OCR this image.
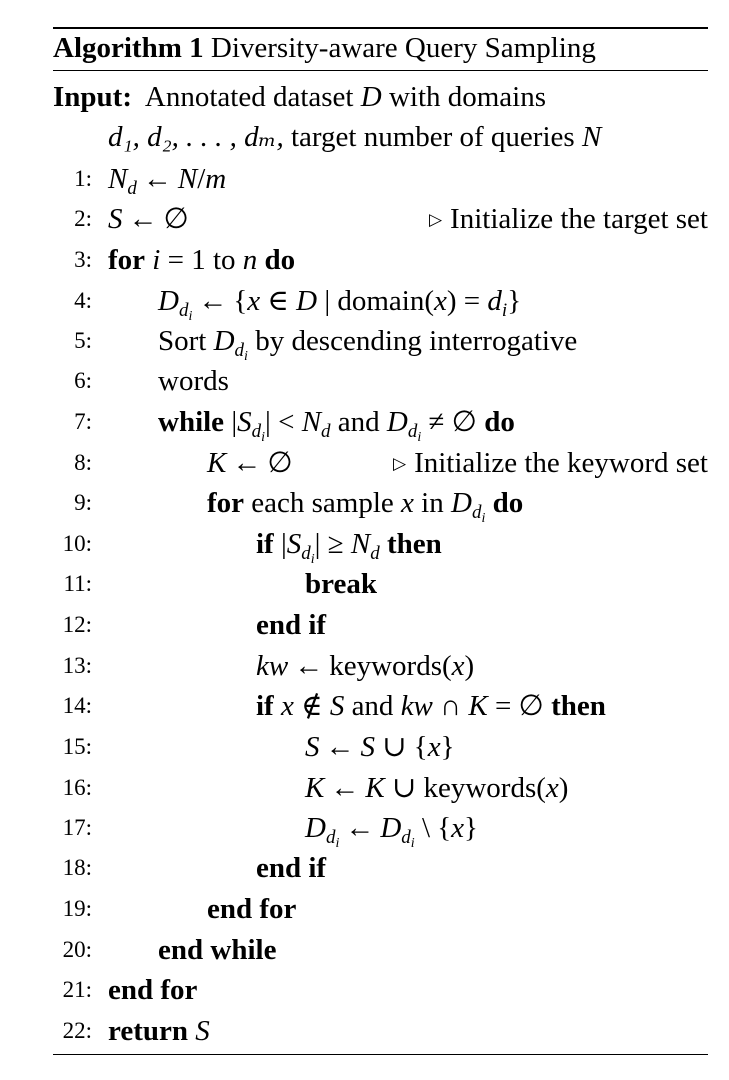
Algorithm 1 Diversity-aware Query Sampling
Input: Annotated dataset D with domains
d₁, d₂, . . . , dₘ, target number of queries N
1: $N_d$ ← N/m
2: S ← ∅	▷ Initialize the target set
3: for i = 1 to n do
4: $D_{d_i}$ ← {x ∈ D | domain(x) = $d_i$}
5: Sort $D_{d_i}$ by descending interrogative
6: words
7: while $|S_{d_i}| < N_d$ and $D_{d_i}$ ≠ ∅ do
8:	K ← ∅	▷ Initialize the keyword set
9:	for each sample x in $D_{d_i}$ do
10:	if $|S_{d_i}| \ge N_d$ then
11:	break
12:	end if
13:	kw ← keywords(x)
14:	if x ∉ S and kw ∩ K = ∅ then
15:	S ← S ∪ {x}
16:	K ← K ∪ keywords(x)
17:	$D_{d_i}$ ← $D_{d_i}$ \ {x}
18:	end if
19:	end for
20: end while
21: end for
22: return S
